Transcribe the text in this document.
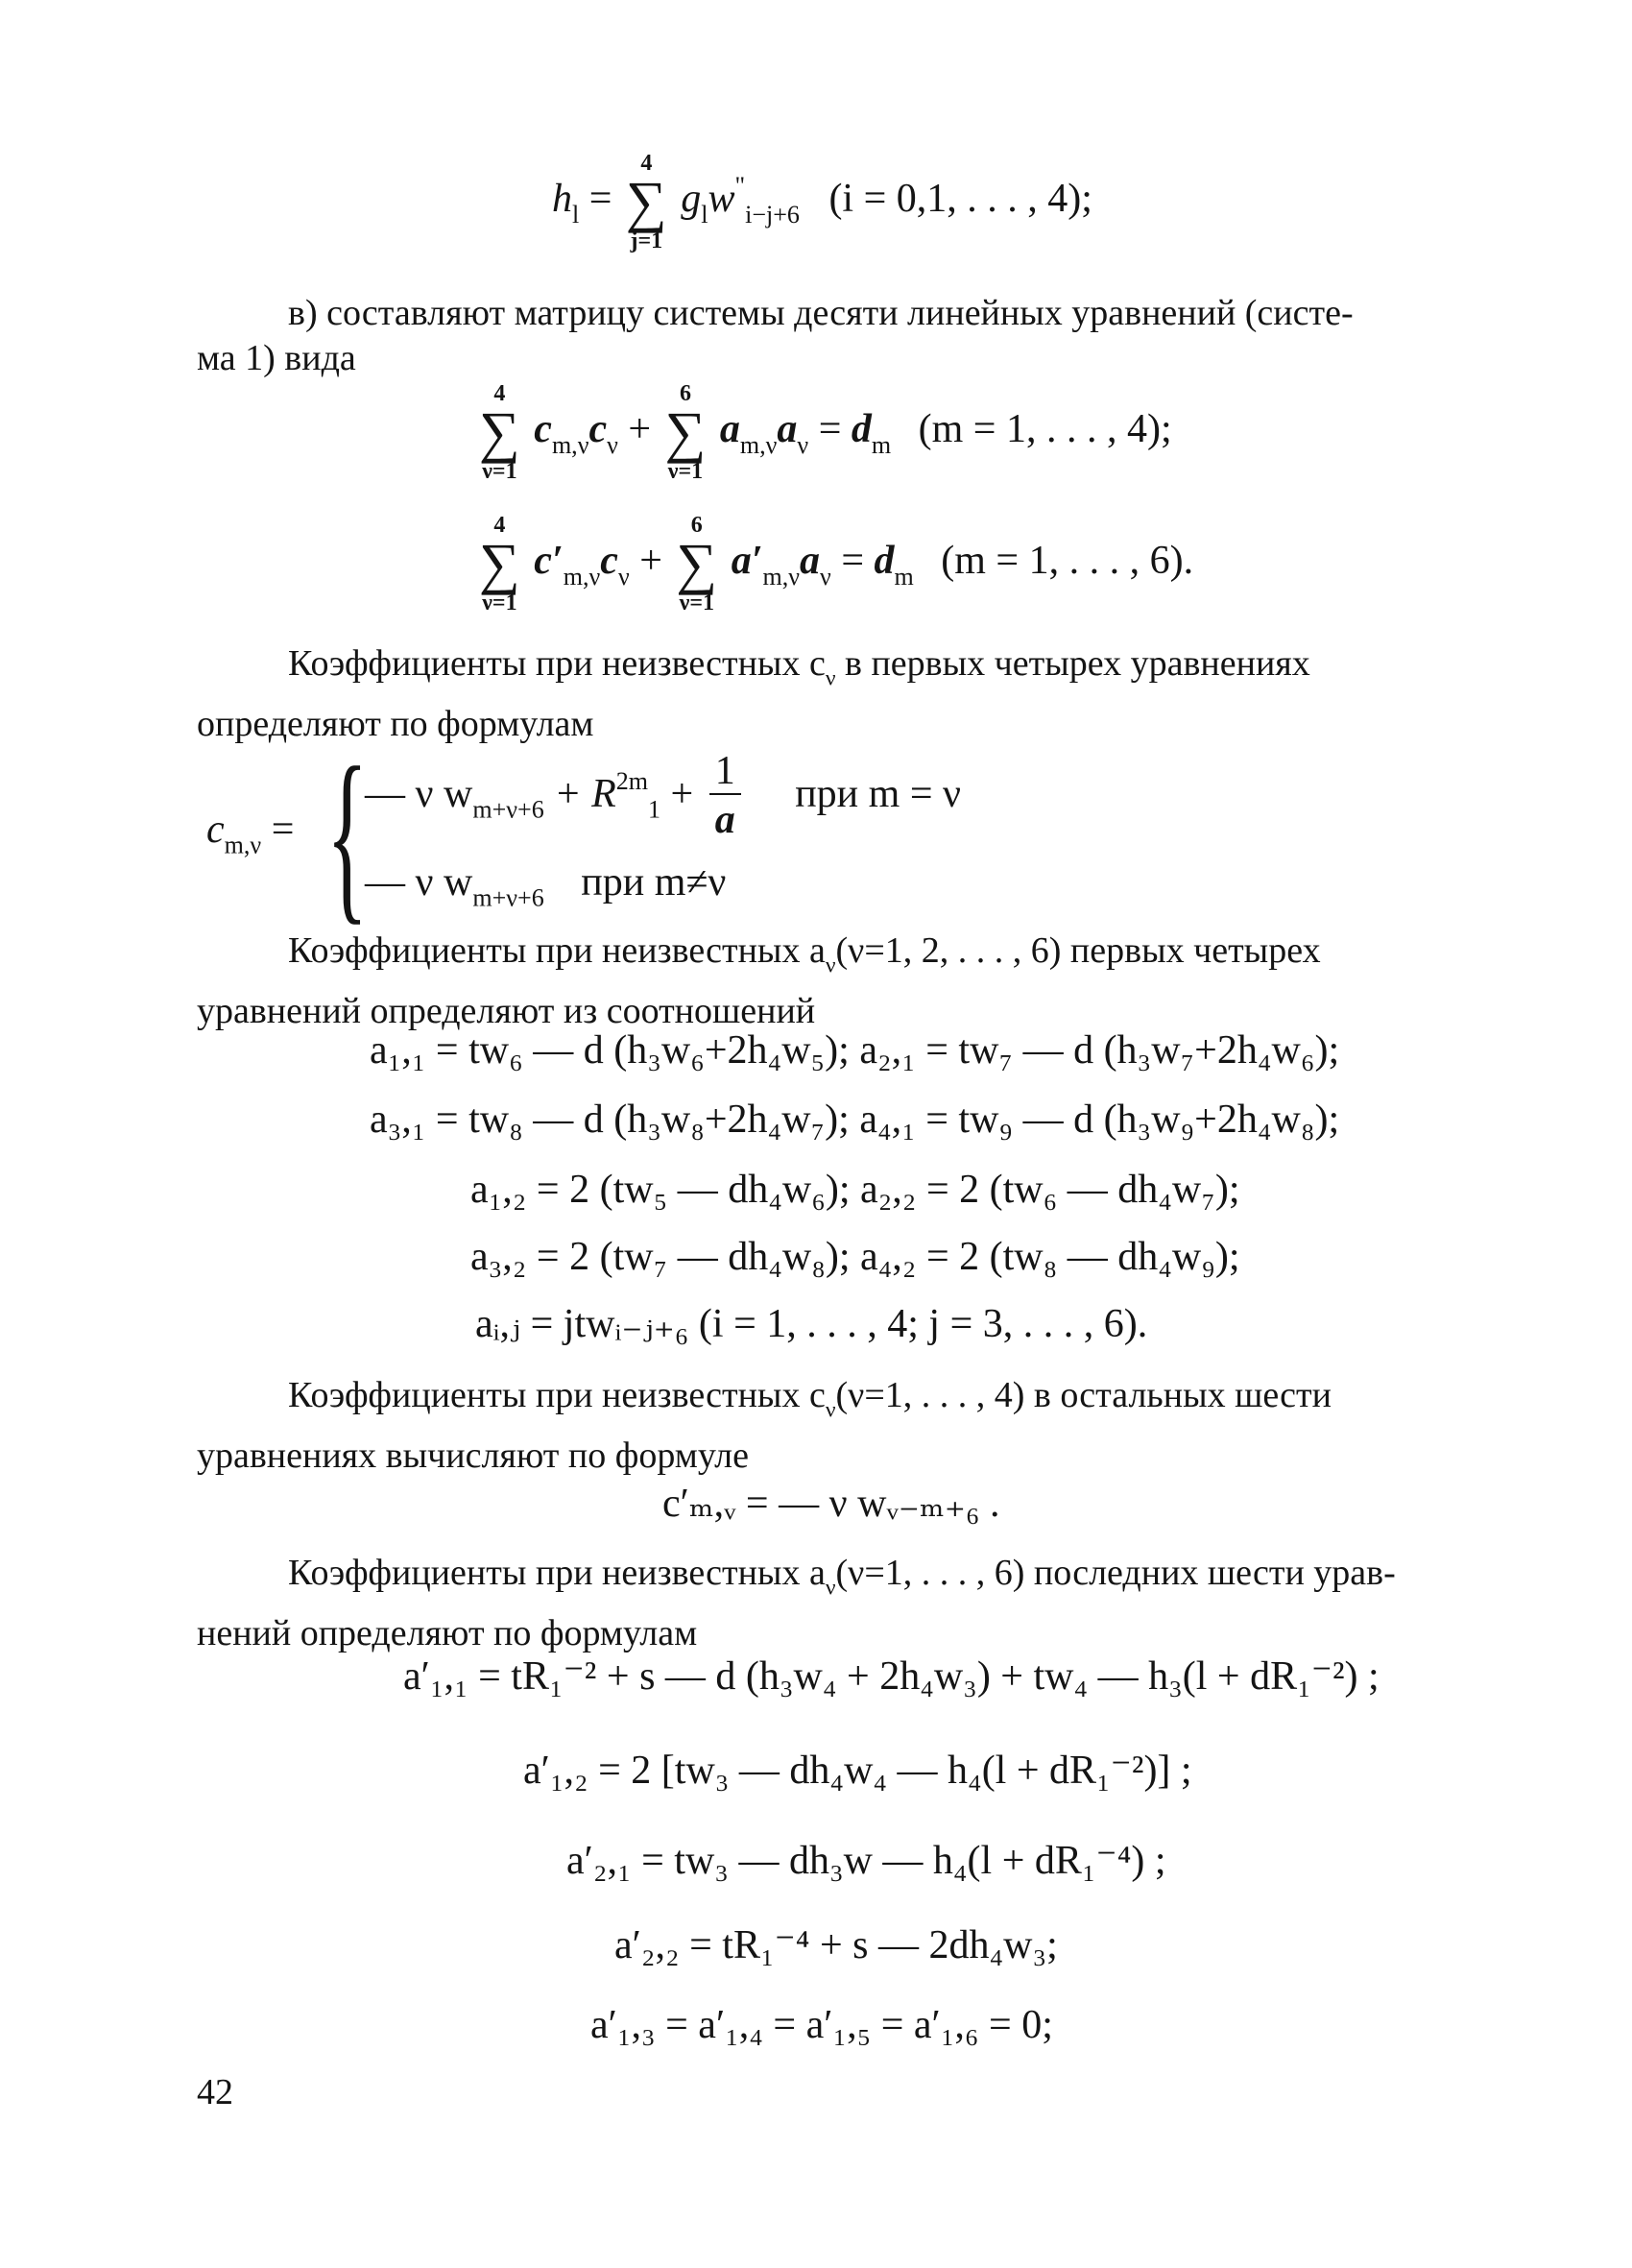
$h_l$ =
4
∑
j=1
$g_lw^"_{i-j+6}$ (i = 0,1, . . . , 4);
в) составляют матрицу системы десяти линейных уравнений (систе-
ма 1) вида
4
∑
ν=1
$c_{m,\nu}c_\nu$ +
6
∑
ν=1
$a_{m,\nu}a_\nu = d_m$ (m = 1, . . . , 4);
4
∑
ν=1
$c'_{m,\nu}c_\nu$ +
6
∑
ν=1
$a'_{m,\nu}a_\nu = d_m$ (m = 1, . . . , 6).
Коэффициенты при неизвестных $c_\nu$ в первых четырех уравнениях
определяют по формулам
$c_{m,\nu}$ = {
— ν $w_{m+\nu+6} + R^{2m}_1 + \frac{1}{a}$ при m = ν
— ν $w_{m+\nu+6}$ при m≠ν
Коэффициенты при неизвестных $a_\nu(\nu=1$, 2, . . . , 6) первых четырех
уравнений определяют из соотношений
a₁,₁ = tw₆ — d (h₃w₆+2h₄w₅); a₂,₁ = tw₇ — d (h₃w₇+2h₄w₆);
a₃,₁ = tw₈ — d (h₃w₈+2h₄w₇); a₄,₁ = tw₉ — d (h₃w₉+2h₄w₈);
a₁,₂ = 2 (tw₅ — dh₄w₆); a₂,₂ = 2 (tw₆ — dh₄w₇);
a₃,₂ = 2 (tw₇ — dh₄w₈); a₄,₂ = 2 (tw₈ — dh₄w₉);
aᵢ,ⱼ = jtwᵢ₋ⱼ₊₆ (i = 1, . . . , 4; j = 3, . . . , 6).
Коэффициенты при неизвестных $c_\nu(\nu=1$, . . . , 4) в остальных шести
уравнениях вычисляют по формуле
c′ₘ,ᵥ = — ν wᵥ₋ₘ₊₆ .
Коэффициенты при неизвестных $a_\nu(\nu=1$, . . . , 6) последних шести урав-
нений определяют по формулам
a′₁,₁ = tR₁⁻² + s — d (h₃w₄ + 2h₄w₃) + tw₄ — h₃(l + dR₁⁻²) ;
a′₁,₂ = 2 [tw₃ — dh₄w₄ — h₄(l + dR₁⁻²)] ;
a′₂,₁ = tw₃ — dh₃w — h₄(l + dR₁⁻⁴) ;
a′₂,₂ = tR₁⁻⁴ + s — 2dh₄w₃;
a′₁,₃ = a′₁,₄ = a′₁,₅ = a′₁,₆ = 0;
42
